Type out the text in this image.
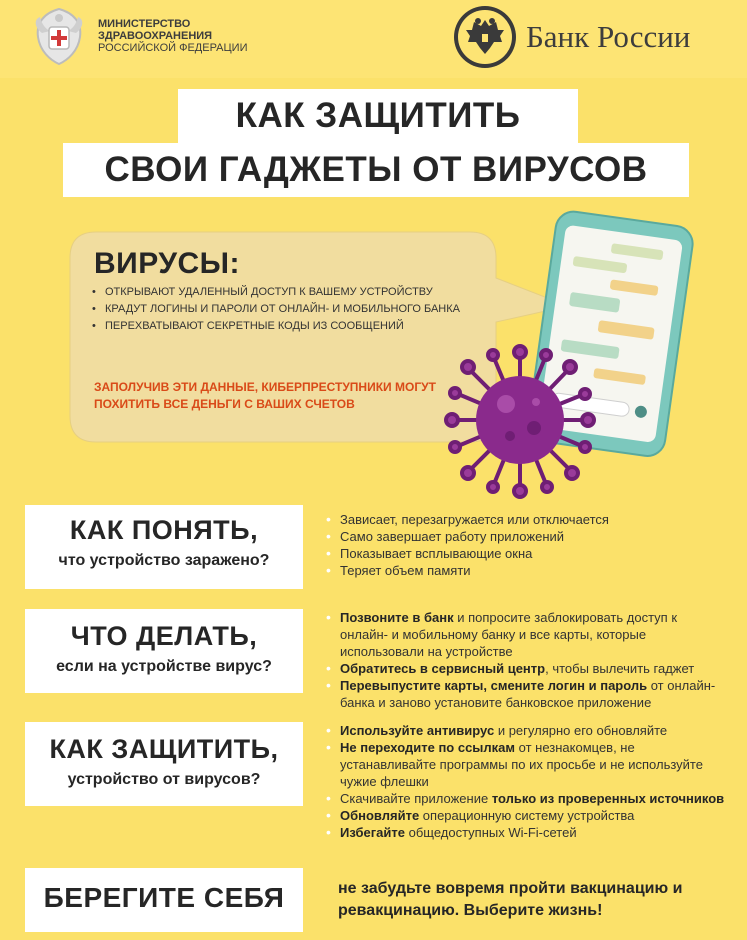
МИНИСТЕРСТВО
ЗДРАВООХРАНЕНИЯ
РОССИЙСКОЙ ФЕДЕРАЦИИ	Банк России
КАК ЗАЩИТИТЬ
СВОИ ГАДЖЕТЫ ОТ ВИРУСОВ
ВИРУСЫ:
• ОТКРЫВАЮТ УДАЛЕННЫЙ ДОСТУП К ВАШЕМУ УСТРОЙСТВУ
• КРАДУТ ЛОГИНЫ И ПАРОЛИ ОТ ОНЛАЙН- И МОБИЛЬНОГО БАНКА
• ПЕРЕХВАТЫВАЮТ СЕКРЕТНЫЕ КОДЫ ИЗ СООБЩЕНИЙ
ЗАПОЛУЧИВ ЭТИ ДАННЫЕ, КИБЕРПРЕСТУПНИКИ МОГУТ ПОХИТИТЬ ВСЕ ДЕНЬГИ С ВАШИХ СЧЕТОВ
КАК ПОНЯТЬ,
что устройство заражено?
• Зависает, перезагружается или отключается
• Само завершает работу приложений
• Показывает всплывающие окна
• Теряет объем памяти
ЧТО ДЕЛАТЬ,
если на устройстве вирус?
• Позвоните в банк и попросите заблокировать доступ к онлайн- и мобильному банку и все карты, которые использовали на устройстве
• Обратитесь в сервисный центр, чтобы вылечить гаджет
• Перевыпустите карты, смените логин и пароль от онлайн-банка и заново установите банковское приложение
КАК ЗАЩИТИТЬ,
устройство от вирусов?
• Используйте антивирус и регулярно его обновляйте
• Не переходите по ссылкам от незнакомцев, не устанавливайте программы по их просьбе и не используйте чужие флешки
• Скачивайте приложение только из проверенных источников
• Обновляйте операционную систему устройства
• Избегайте общедоступных Wi-Fi-сетей
БЕРЕГИТЕ СЕБЯ	не забудьте вовремя пройти вакцинацию и ревакцинацию. Выберите жизнь!
